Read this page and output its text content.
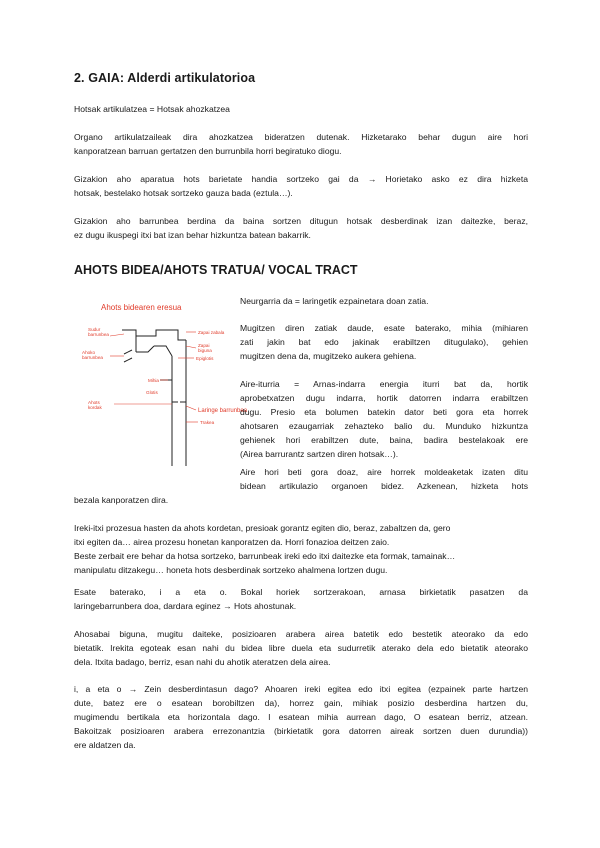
2. GAIA: Alderdi artikulatorioa

Hotsak artikulatzea = Hotsak ahozkatzea

Organo artikulatzaileak dira ahozkatzea bideratzen dutenak. Hizketarako behar dugun aire hori

kanporatzean barruan gertatzen den burrunbila horri begiratuko diogu.

Gizakion aho aparatua hots barietate handia sortzeko gai da → Horietako asko ez dira hizketa

hotsak, bestelako hotsak sortzeko gauza bada (eztula…).

Gizakion aho barrunbea berdina da baina sortzen ditugun hotsak desberdinak izan daitezke, beraz,

ez dugu ikuspegi itxi bat izan behar hizkuntza batean bakarrik.

AHOTS BIDEA/AHOTS TRATUA/ VOCAL TRACT
Ahots bidearen eresua
Sudur
barrunbea
Ahoko
barrunbea
Zapai zabala
Zapai
biguna
Epiglotis
Mihia
Glotis
Ahots
kordak
Laringe barrunbea
Trakea

Neurgarria da = laringetik ezpainetara doan zatia.

Mugitzen diren zatiak daude, esate baterako, mihia (mihiaren

zati jakin bat edo jakinak erabiltzen ditugulako), gehien

mugitzen dena da, mugitzeko aukera gehiena.

Aire-iturria = Arnas-indarra energia iturri bat da, hortik

aprobetxatzen dugu indarra, hortik datorren indarra erabiltzen

dugu. Presio eta bolumen batekin dator beti gora eta horrek

ahotsaren ezaugarriak zehazteko balio du. Munduko hizkuntza

gehienek hori erabiltzen dute, baina, badira bestelakoak ere

(Airea barrurantz sartzen diren hotsak…).

Aire hori beti gora doaz, aire horrek moldeaketak izaten ditu

bidean artikulazio organoen bidez. Azkenean, hizketa hots

bezala kanporatzen dira.

Ireki-itxi prozesua hasten da ahots kordetan, presioak gorantz egiten dio, beraz, zabaltzen da, gero

itxi egiten da… airea prozesu honetan kanporatzen da. Horri fonazioa deitzen zaio.

Beste zerbait ere behar da hotsa sortzeko, barrunbeak ireki edo itxi daitezke eta formak, tamainak…

manipulatu ditzakegu… honeta hots desberdinak sortzeko ahalmena lortzen dugu.

Esate baterako, i a eta o. Bokal horiek sortzerakoan, arnasa birkietatik pasatzen da

laringebarrunbera doa, dardara eginez → Hots ahostunak.

Ahosabai biguna, mugitu daiteke, posizioaren arabera airea batetik edo bestetik ateorako da edo

bietatik. Irekita egoteak esan nahi du bidea libre duela eta sudurretik aterako dela edo bietatik ateorako

dela. Itxita badago, berriz, esan nahi du ahotik ateratzen dela airea.

i, a eta o → Zein desberdintasun dago? Ahoaren ireki egitea edo itxi egitea (ezpainek parte hartzen

dute, batez ere o esatean borobiltzen da), horrez gain, mihiak posizio desberdina hartzen du,

mugimendu bertikala eta horizontala dago. I esatean mihia aurrean dago, O esatean berriz, atzean.

Bakoitzak posizioaren arabera errezonantzia (birkietatik gora datorren aireak sortzen duen durundia))

ere aldatzen da.
